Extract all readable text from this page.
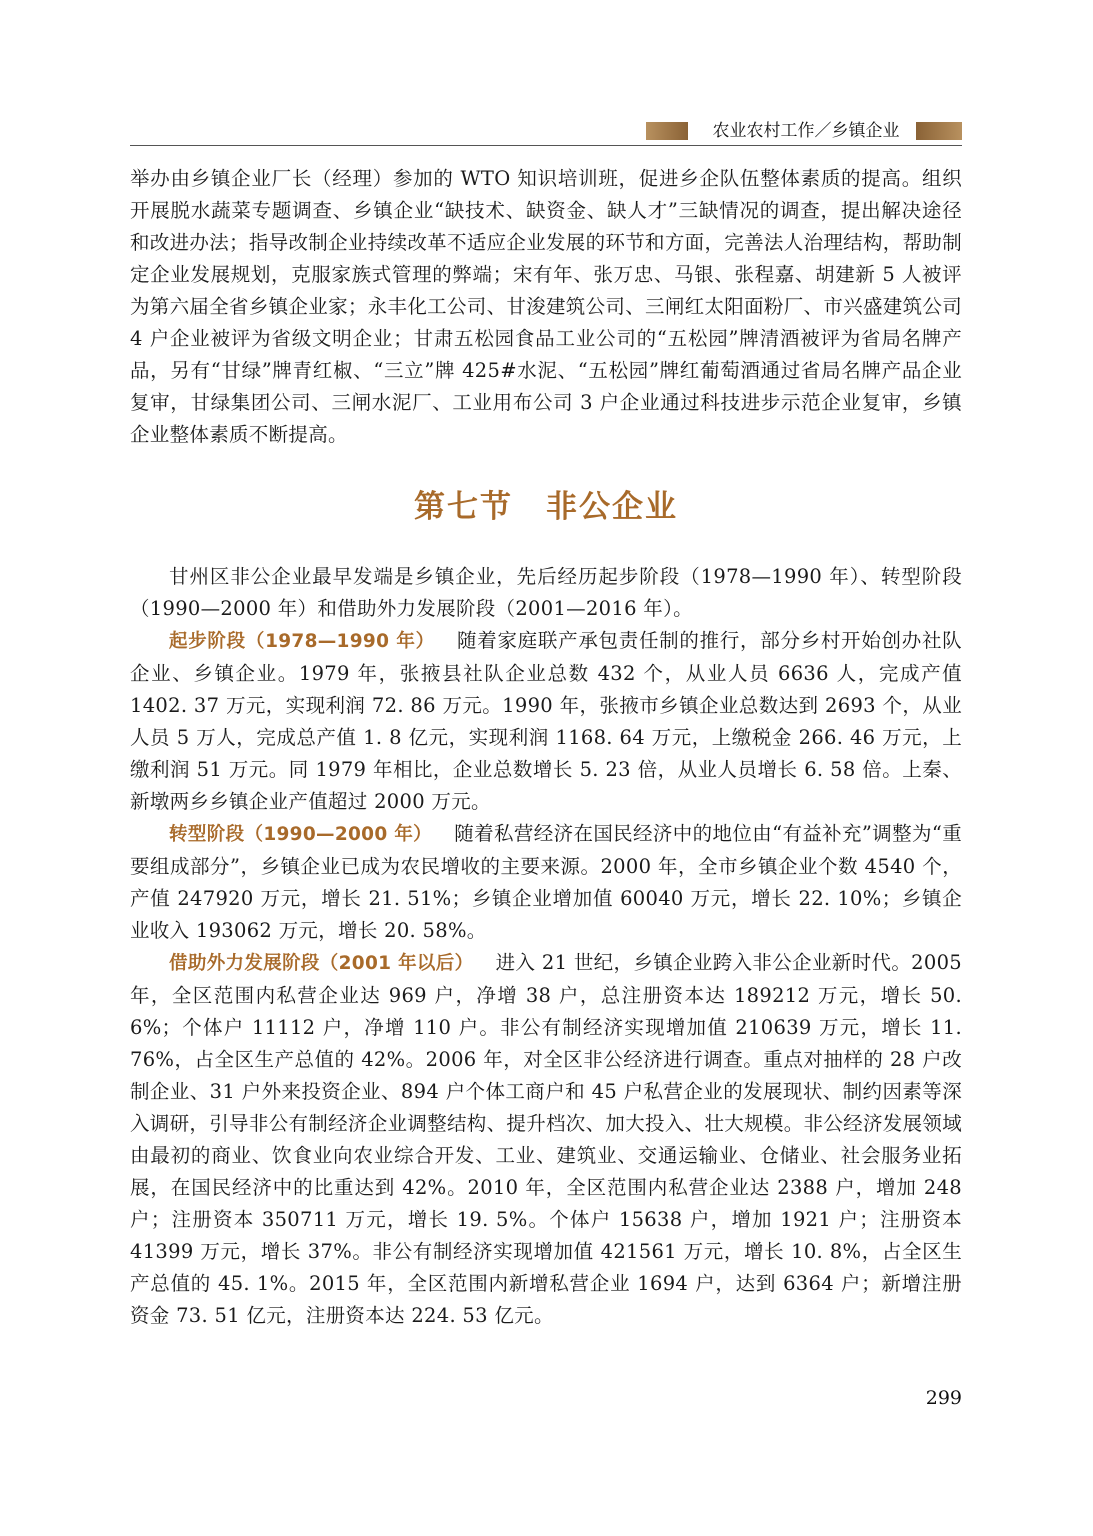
农业农村工作／乡镇企业

举办由乡镇企业厂长（经理）参加的 WTO 知识培训班，促进乡企队伍整体素质的提高。组织开展脱水蔬菜专题调查、乡镇企业“缺技术、缺资金、缺人才”三缺情况的调查，提出解决途径和改进办法；指导改制企业持续改革不适应企业发展的环节和方面，完善法人治理结构，帮助制定企业发展规划，克服家族式管理的弊端；宋有年、张万忠、马银、张程嘉、胡建新 5 人被评为第六届全省乡镇企业家；永丰化工公司、甘浚建筑公司、三闸红太阳面粉厂、市兴盛建筑公司 4 户企业被评为省级文明企业；甘肃五松园食品工业公司的“五松园”牌清酒被评为省局名牌产品，另有“甘绿”牌青红椒、“三立”牌 425#水泥、“五松园”牌红葡萄酒通过省局名牌产品企业复审，甘绿集团公司、三闸水泥厂、工业用布公司 3 户企业通过科技进步示范企业复审，乡镇企业整体素质不断提高。

第七节　非公企业

甘州区非公企业最早发端是乡镇企业，先后经历起步阶段（1978—1990 年）、转型阶段（1990—2000 年）和借助外力发展阶段（2001—2016 年）。

起步阶段（1978—1990 年） 随着家庭联产承包责任制的推行，部分乡村开始创办社队企业、乡镇企业。1979 年，张掖县社队企业总数 432 个，从业人员 6636 人，完成产值 1402. 37 万元，实现利润 72. 86 万元。1990 年，张掖市乡镇企业总数达到 2693 个，从业人员 5 万人，完成总产值 1. 8 亿元，实现利润 1168. 64 万元，上缴税金 266. 46 万元，上缴利润 51 万元。同 1979 年相比，企业总数增长 5. 23 倍，从业人员增长 6. 58 倍。上秦、新墩两乡乡镇企业产值超过 2000 万元。

转型阶段（1990—2000 年） 随着私营经济在国民经济中的地位由“有益补充”调整为“重要组成部分”，乡镇企业已成为农民增收的主要来源。2000 年，全市乡镇企业个数 4540 个，产值 247920 万元，增长 21. 51%；乡镇企业增加值 60040 万元，增长 22. 10%；乡镇企业收入 193062 万元，增长 20. 58%。

借助外力发展阶段（2001 年以后） 进入 21 世纪，乡镇企业跨入非公企业新时代。2005 年，全区范围内私营企业达 969 户，净增 38 户，总注册资本达 189212 万元，增长 50. 6%；个体户 11112 户，净增 110 户。非公有制经济实现增加值 210639 万元，增长 11. 76%，占全区生产总值的 42%。2006 年，对全区非公经济进行调查。重点对抽样的 28 户改制企业、31 户外来投资企业、894 户个体工商户和 45 户私营企业的发展现状、制约因素等深入调研，引导非公有制经济企业调整结构、提升档次、加大投入、壮大规模。非公经济发展领域由最初的商业、饮食业向农业综合开发、工业、建筑业、交通运输业、仓储业、社会服务业拓展，在国民经济中的比重达到 42%。2010 年，全区范围内私营企业达 2388 户，增加 248 户；注册资本 350711 万元，增长 19. 5%。个体户 15638 户，增加 1921 户；注册资本 41399 万元，增长 37%。非公有制经济实现增加值 421561 万元，增长 10. 8%，占全区生产总值的 45. 1%。2015 年，全区范围内新增私营企业 1694 户，达到 6364 户；新增注册资金 73. 51 亿元，注册资本达 224. 53 亿元。

299
